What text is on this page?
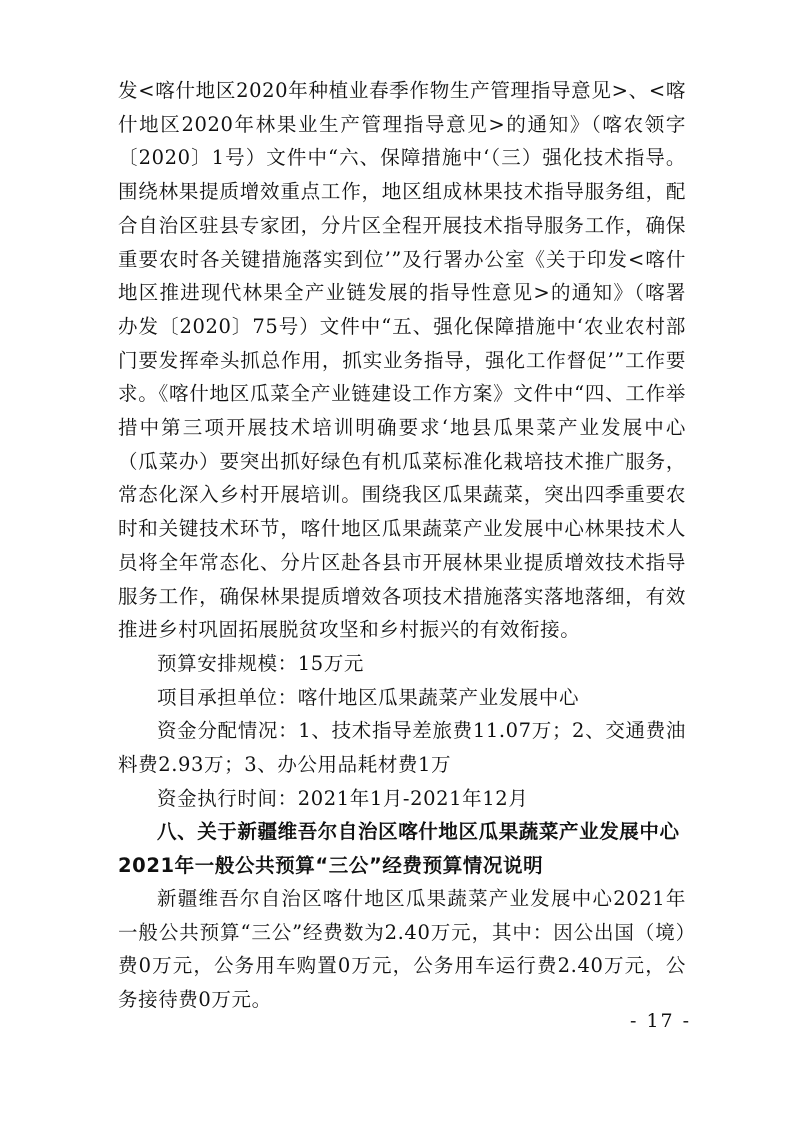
发<喀什地区2020年种植业春季作物生产管理指导意见>、<喀什地区2020年林果业生产管理指导意见>的通知》（喀农领字〔2020〕1号）文件中“六、保障措施中‘（三）强化技术指导。围绕林果提质增效重点工作，地区组成林果技术指导服务组，配合自治区驻县专家团，分片区全程开展技术指导服务工作，确保重要农时各关键措施落实到位’”及行署办公室《关于印发<喀什地区推进现代林果全产业链发展的指导性意见>的通知》（喀署办发〔2020〕75号）文件中“五、强化保障措施中‘农业农村部门要发挥牵头抓总作用，抓实业务指导，强化工作督促’”工作要求。《喀什地区瓜菜全产业链建设工作方案》文件中“四、工作举措中第三项开展技术培训明确要求‘地县瓜果菜产业发展中心（瓜菜办）要突出抓好绿色有机瓜菜标准化栽培技术推广服务，常态化深入乡村开展培训。围绕我区瓜果蔬菜，突出四季重要农时和关键技术环节，喀什地区瓜果蔬菜产业发展中心林果技术人员将全年常态化、分片区赴各县市开展林果业提质增效技术指导服务工作，确保林果提质增效各项技术措施落实落地落细，有效推进乡村巩固拓展脱贫攻坚和乡村振兴的有效衔接。

预算安排规模：15万元

项目承担单位：喀什地区瓜果蔬菜产业发展中心

资金分配情况：1、技术指导差旅费11.07万；2、交通费油料费2.93万；3、办公用品耗材费1万

资金执行时间：2021年1月-2021年12月

八、关于新疆维吾尔自治区喀什地区瓜果蔬菜产业发展中心2021年一般公共预算“三公”经费预算情况说明

新疆维吾尔自治区喀什地区瓜果蔬菜产业发展中心2021年一般公共预算“三公”经费数为2.40万元，其中：因公出国（境）费0万元，公务用车购置0万元，公务用车运行费2.40万元，公务接待费0万元。

- 17 -
